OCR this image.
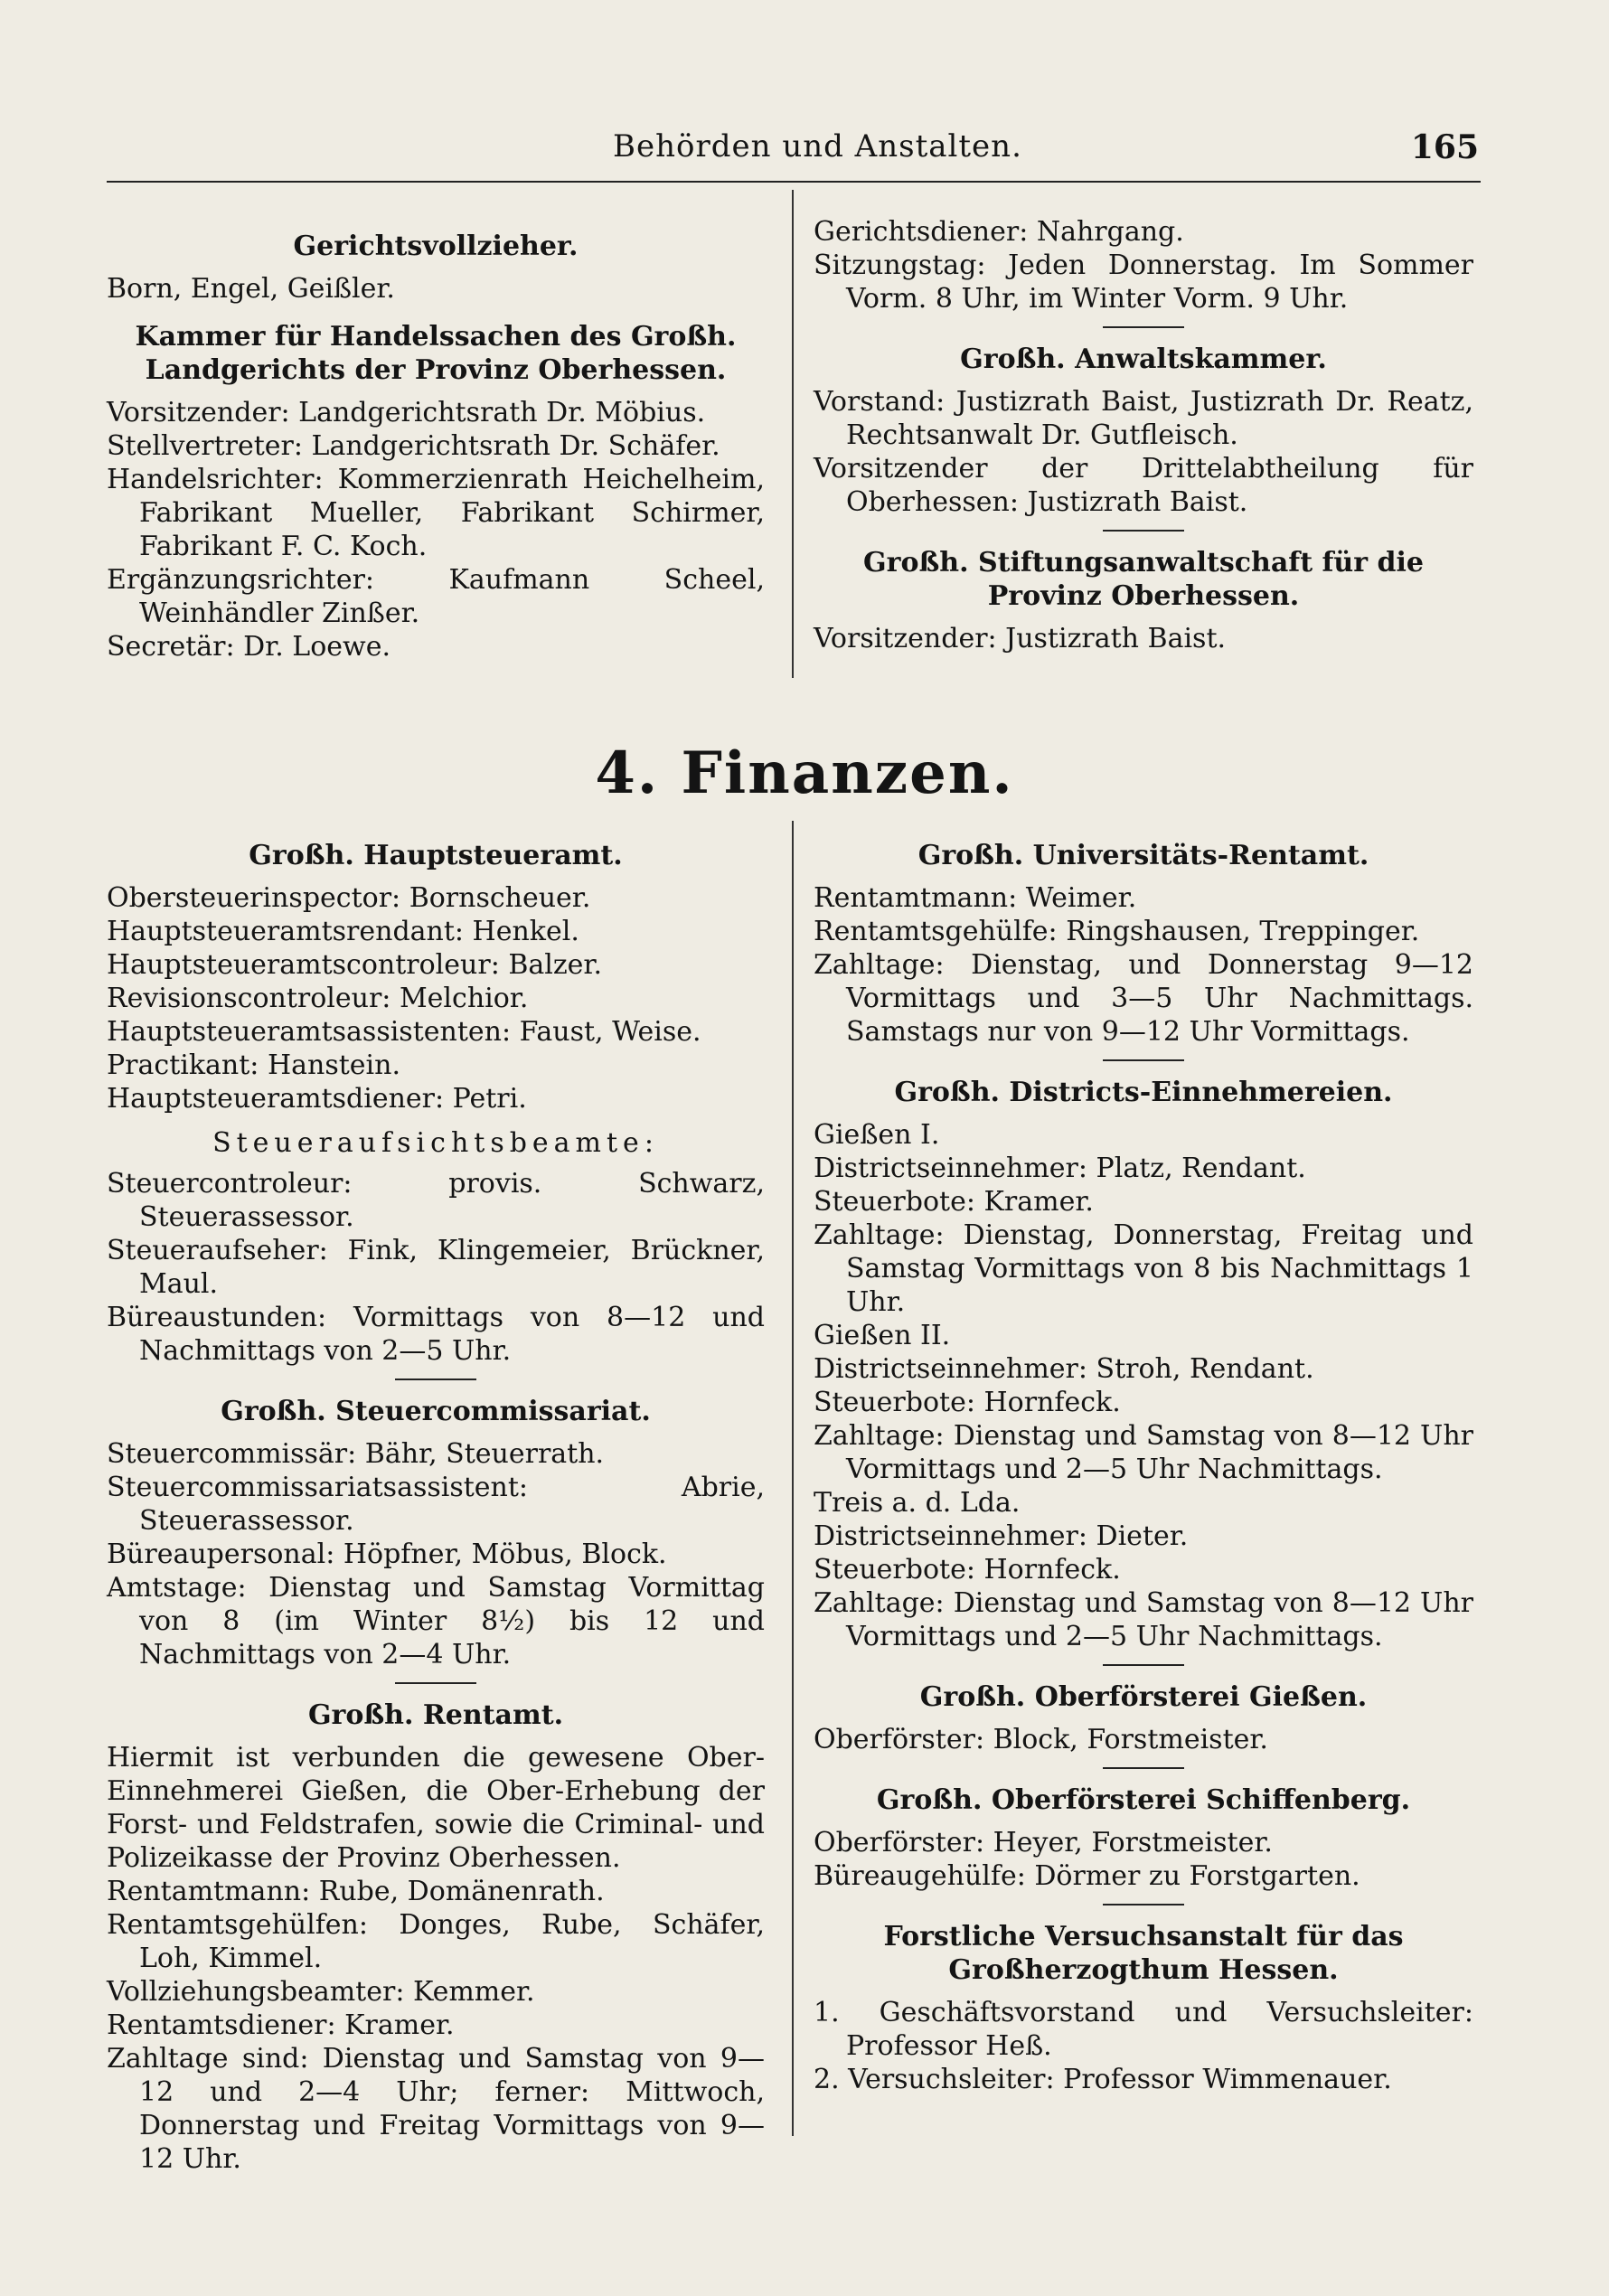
Behörden und Anstalten.	165

Gerichtsvollzieher.

Born, Engel, Geißler.

Kammer für Handelssachen des Großh. Landgerichts der Provinz Oberhessen.

Vorsitzender: Landgerichtsrath Dr. Möbius.

Stellvertreter: Landgerichtsrath Dr. Schäfer.

Handelsrichter: Kommerzienrath Heichelheim, Fabrikant Mueller, Fabrikant Schirmer, Fabrikant F. C. Koch.

Ergänzungsrichter: Kaufmann Scheel, Weinhändler Zinßer.

Secretär: Dr. Loewe.

Gerichtsdiener: Nahrgang.

Sitzungstag: Jeden Donnerstag. Im Sommer Vorm. 8 Uhr, im Winter Vorm. 9 Uhr.

Großh. Anwaltskammer.

Vorstand: Justizrath Baist, Justizrath Dr. Reatz, Rechtsanwalt Dr. Gutfleisch.

Vorsitzender der Drittelabtheilung für Oberhessen: Justizrath Baist.

Großh. Stiftungsanwaltschaft für die Provinz Oberhessen.

Vorsitzender: Justizrath Baist.

4. Finanzen.

Großh. Hauptsteueramt.

Obersteuerinspector: Bornscheuer.

Hauptsteueramtsrendant: Henkel.

Hauptsteueramtscontroleur: Balzer.

Revisionscontroleur: Melchior.

Hauptsteueramtsassistenten: Faust, Weise.

Practikant: Hanstein.

Hauptsteueramtsdiener: Petri.

Steueraufsichtsbeamte:

Steuercontroleur: provis. Schwarz, Steuerassessor.

Steueraufseher: Fink, Klingemeier, Brückner, Maul.

Büreaustunden: Vormittags von 8—12 und Nachmittags von 2—5 Uhr.

Großh. Steuercommissariat.

Steuercommissär: Bähr, Steuerrath.

Steuercommissariatsassistent: Abrie, Steuerassessor.

Büreaupersonal: Höpfner, Möbus, Block.

Amtstage: Dienstag und Samstag Vormittag von 8 (im Winter 8½) bis 12 und Nachmittags von 2—4 Uhr.

Großh. Rentamt.

Hiermit ist verbunden die gewesene Ober-Einnehmerei Gießen, die Ober-Erhebung der Forst- und Feldstrafen, sowie die Criminal- und Polizeikasse der Provinz Oberhessen.

Rentamtmann: Rube, Domänenrath.

Rentamtsgehülfen: Donges, Rube, Schäfer, Loh, Kimmel.

Vollziehungsbeamter: Kemmer.

Rentamtsdiener: Kramer.

Zahltage sind: Dienstag und Samstag von 9—12 und 2—4 Uhr; ferner: Mittwoch, Donnerstag und Freitag Vormittags von 9—12 Uhr.

Großh. Universitäts-Rentamt.

Rentamtmann: Weimer.

Rentamtsgehülfe: Ringshausen, Treppinger.

Zahltage: Dienstag, und Donnerstag 9—12 Vormittags und 3—5 Uhr Nachmittags. Samstags nur von 9—12 Uhr Vormittags.

Großh. Districts-Einnehmereien.

Gießen I.

Districtseinnehmer: Platz, Rendant.

Steuerbote: Kramer.

Zahltage: Dienstag, Donnerstag, Freitag und Samstag Vormittags von 8 bis Nachmittags 1 Uhr.

Gießen II.

Districtseinnehmer: Stroh, Rendant.

Steuerbote: Hornfeck.

Zahltage: Dienstag und Samstag von 8—12 Uhr Vormittags und 2—5 Uhr Nachmittags.

Treis a. d. Lda.

Districtseinnehmer: Dieter.

Steuerbote: Hornfeck.

Zahltage: Dienstag und Samstag von 8—12 Uhr Vormittags und 2—5 Uhr Nachmittags.

Großh. Oberförsterei Gießen.

Oberförster: Block, Forstmeister.

Großh. Oberförsterei Schiffenberg.

Oberförster: Heyer, Forstmeister.

Büreaugehülfe: Dörmer zu Forstgarten.

Forstliche Versuchsanstalt für das Großherzogthum Hessen.

1. Geschäftsvorstand und Versuchsleiter: Professor Heß.

2. Versuchsleiter: Professor Wimmenauer.
